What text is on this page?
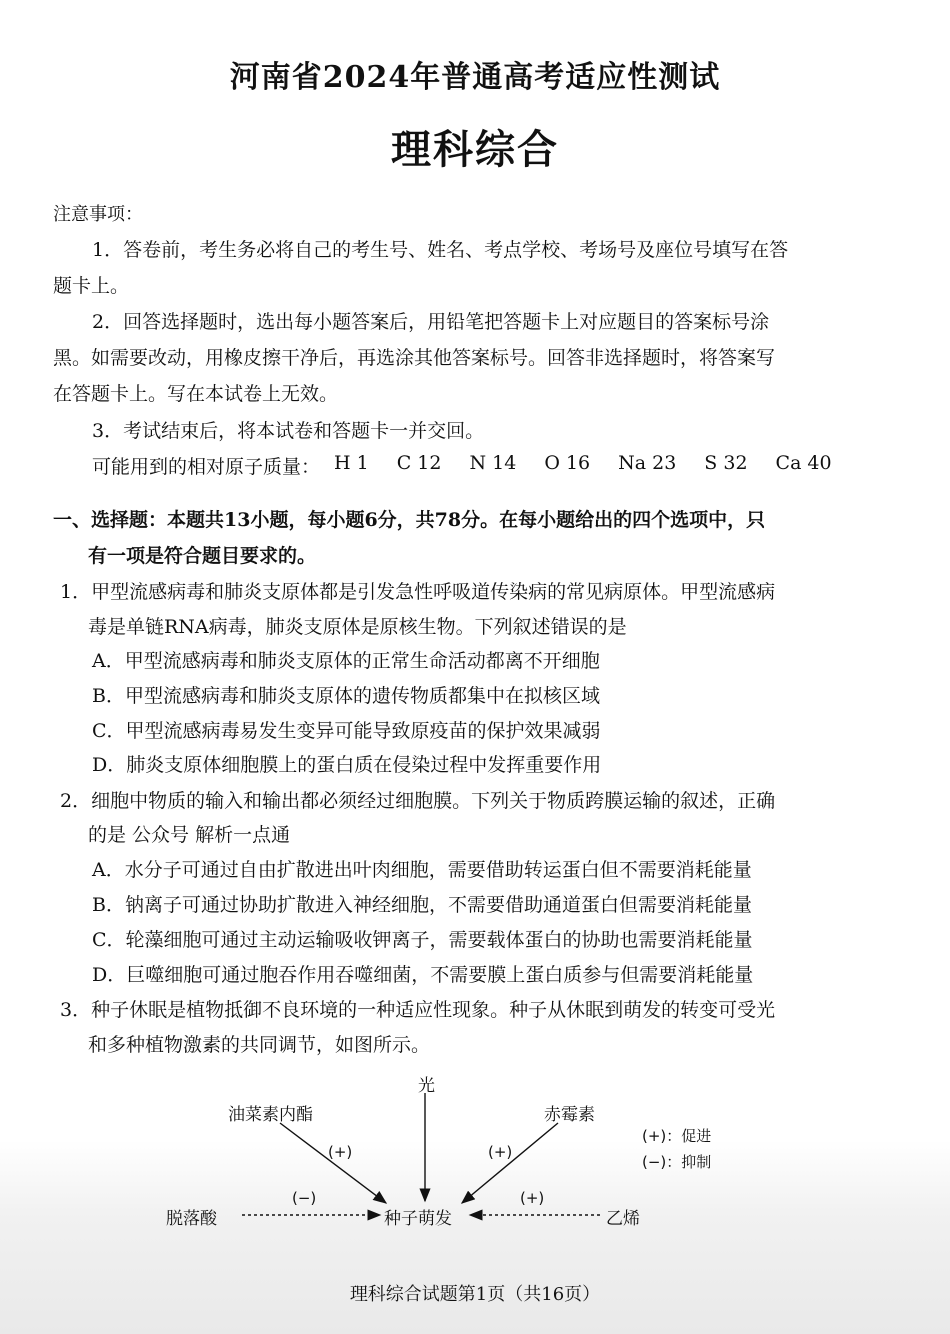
河南省2024年普通高考适应性测试
理科综合
注意事项：
1．答卷前，考生务必将自己的考生号、姓名、考点学校、考场号及座位号填写在答
题卡上。
2．回答选择题时，选出每小题答案后，用铅笔把答题卡上对应题目的答案标号涂
黑。如需要改动，用橡皮擦干净后，再选涂其他答案标号。回答非选择题时，将答案写
在答题卡上。写在本试卷上无效。
3．考试结束后，将本试卷和答题卡一并交回。
可能用到的相对原子质量： H 1 C 12 N 14 O 16 Na 23 S 32 Ca 40
一、选择题：本题共13小题，每小题6分，共78分。在每小题给出的四个选项中，只
有一项是符合题目要求的。
1．甲型流感病毒和肺炎支原体都是引发急性呼吸道传染病的常见病原体。甲型流感病
毒是单链RNA病毒，肺炎支原体是原核生物。下列叙述错误的是
A．甲型流感病毒和肺炎支原体的正常生命活动都离不开细胞
B．甲型流感病毒和肺炎支原体的遗传物质都集中在拟核区域
C．甲型流感病毒易发生变异可能导致原疫苗的保护效果减弱
D．肺炎支原体细胞膜上的蛋白质在侵染过程中发挥重要作用
2．细胞中物质的输入和输出都必须经过细胞膜。下列关于物质跨膜运输的叙述，正确
的是 公众号 解析一点通
A．水分子可通过自由扩散进出叶肉细胞，需要借助转运蛋白但不需要消耗能量
B．钠离子可通过协助扩散进入神经细胞，不需要借助通道蛋白但需要消耗能量
C．轮藻细胞可通过主动运输吸收钾离子，需要载体蛋白的协助也需要消耗能量
D．巨噬细胞可通过胞吞作用吞噬细菌，不需要膜上蛋白质参与但需要消耗能量
3．种子休眠是植物抵御不良环境的一种适应性现象。种子从休眠到萌发的转变可受光
和多种植物激素的共同调节，如图所示。
光
油菜素内酯	赤霉素
脱落酸	种子萌发	乙烯
(+)	(+)
(−)	(+)
(+)：促进
(−)：抑制
理科综合试题第1页（共16页）
